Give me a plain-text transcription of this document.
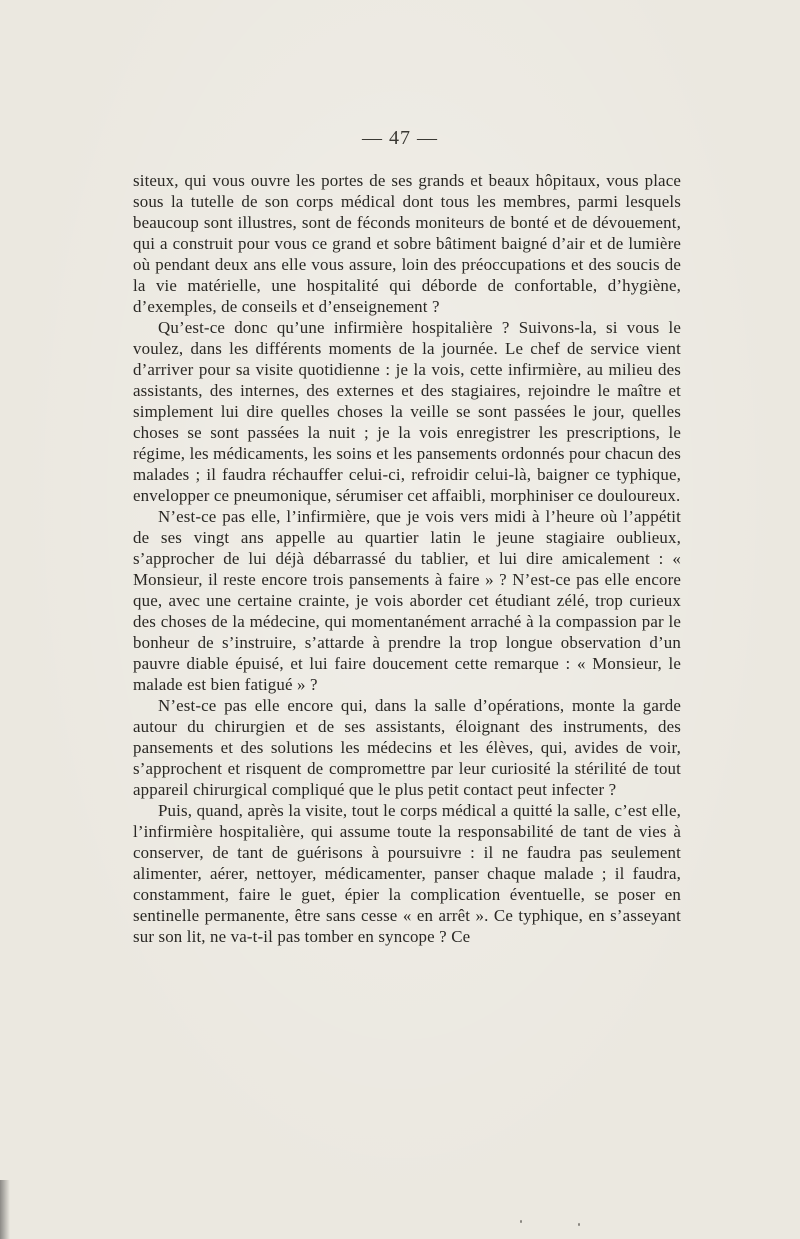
— 47 —

siteux, qui vous ouvre les portes de ses grands et beaux hôpitaux, vous place sous la tutelle de son corps médical dont tous les membres, parmi lesquels beaucoup sont illustres, sont de féconds moniteurs de bonté et de dévouement, qui a construit pour vous ce grand et sobre bâtiment baigné d’air et de lumière où pendant deux ans elle vous assure, loin des préoccupations et des soucis de la vie matérielle, une hospitalité qui déborde de confortable, d’hygiène, d’exemples, de conseils et d’enseignement ?

Qu’est-ce donc qu’une infirmière hospitalière ? Suivons-la, si vous le voulez, dans les différents moments de la journée. Le chef de service vient d’arriver pour sa visite quotidienne : je la vois, cette infirmière, au milieu des assistants, des internes, des externes et des stagiaires, rejoindre le maître et simplement lui dire quelles choses la veille se sont passées le jour, quelles choses se sont passées la nuit ; je la vois enregistrer les prescriptions, le régime, les médicaments, les soins et les pansements ordonnés pour chacun des malades ; il faudra réchauffer celui-ci, refroidir celui-là, baigner ce typhique, envelopper ce pneumonique, sérumiser cet affaibli, morphiniser ce douloureux.

N’est-ce pas elle, l’infirmière, que je vois vers midi à l’heure où l’appétit de ses vingt ans appelle au quartier latin le jeune stagiaire oublieux, s’approcher de lui déjà débarrassé du tablier, et lui dire amicalement : « Monsieur, il reste encore trois pansements à faire » ? N’est-ce pas elle encore que, avec une certaine crainte, je vois aborder cet étudiant zélé, trop curieux des choses de la médecine, qui momentanément arraché à la compassion par le bonheur de s’instruire, s’attarde à prendre la trop longue observation d’un pauvre diable épuisé, et lui faire doucement cette remarque : « Monsieur, le malade est bien fatigué » ?

N’est-ce pas elle encore qui, dans la salle d’opérations, monte la garde autour du chirurgien et de ses assistants, éloignant des instruments, des pansements et des solutions les médecins et les élèves, qui, avides de voir, s’approchent et risquent de compromettre par leur curiosité la stérilité de tout appareil chirurgical compliqué que le plus petit contact peut infecter ?

Puis, quand, après la visite, tout le corps médical a quitté la salle, c’est elle, l’infirmière hospitalière, qui assume toute la responsabilité de tant de vies à conserver, de tant de guérisons à poursuivre : il ne faudra pas seulement alimenter, aérer, nettoyer, médicamenter, panser chaque malade ; il faudra, constamment, faire le guet, épier la complication éventuelle, se poser en sentinelle permanente, être sans cesse « en arrêt ». Ce typhique, en s’asseyant sur son lit, ne va-t-il pas tomber en syncope ? Ce
